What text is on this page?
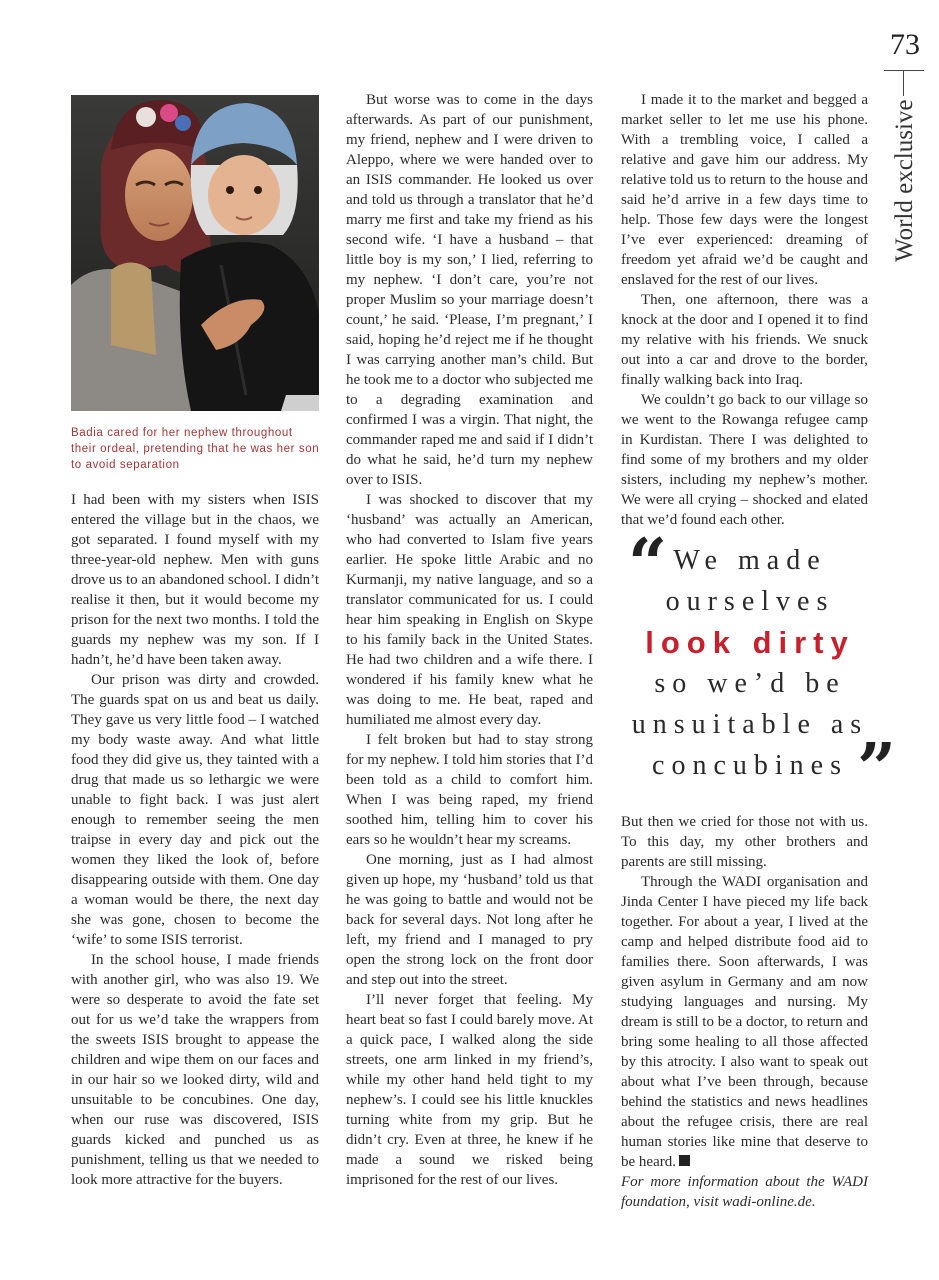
73
World exclusive
Badia cared for her nephew throughout their ordeal, pretending that he was her son to avoid separation

I had been with my sisters when ISIS entered the village but in the chaos, we got separated. I found myself with my three-year-old nephew. Men with guns drove us to an abandoned school. I didn’t realise it then, but it would become my prison for the next two months. I told the guards my nephew was my son. If I hadn’t, he’d have been taken away.

Our prison was dirty and crowded. The guards spat on us and beat us daily. They gave us very little food – I watched my body waste away. And what little food they did give us, they tainted with a drug that made us so lethargic we were unable to fight back. I was just alert enough to remember seeing the men traipse in every day and pick out the women they liked the look of, before disappearing outside with them. One day a woman would be there, the next day she was gone, chosen to become the ‘wife’ to some ISIS terrorist.

In the school house, I made friends with another girl, who was also 19. We were so desperate to avoid the fate set out for us we’d take the wrappers from the sweets ISIS brought to appease the children and wipe them on our faces and in our hair so we looked dirty, wild and unsuitable to be concubines. One day, when our ruse was discovered, ISIS guards kicked and punched us as punishment, telling us that we needed to look more attractive for the buyers.

But worse was to come in the days afterwards. As part of our punishment, my friend, nephew and I were driven to Aleppo, where we were handed over to an ISIS commander. He looked us over and told us through a translator that he’d marry me first and take my friend as his second wife. ‘I have a husband – that little boy is my son,’ I lied, referring to my nephew. ‘I don’t care, you’re not proper Muslim so your marriage doesn’t count,’ he said. ‘Please, I’m pregnant,’ I said, hoping he’d reject me if he thought I was carrying another man’s child. But he took me to a doctor who subjected me to a degrading examination and confirmed I was a virgin. That night, the commander raped me and said if I didn’t do what he said, he’d turn my nephew over to ISIS.

I was shocked to discover that my ‘husband’ was actually an American, who had converted to Islam five years earlier. He spoke little Arabic and no Kurmanji, my native language, and so a translator communicated for us. I could hear him speaking in English on Skype to his family back in the United States. He had two children and a wife there. I wondered if his family knew what he was doing to me. He beat, raped and humiliated me almost every day.

I felt broken but had to stay strong for my nephew. I told him stories that I’d been told as a child to comfort him. When I was being raped, my friend soothed him, telling him to cover his ears so he wouldn’t hear my screams.

One morning, just as I had almost given up hope, my ‘husband’ told us that he was going to battle and would not be back for several days. Not long after he left, my friend and I managed to pry open the strong lock on the front door and step out into the street.

I’ll never forget that feeling. My heart beat so fast I could barely move. At a quick pace, I walked along the side streets, one arm linked in my friend’s, while my other hand held tight to my nephew’s. I could see his little knuckles turning white from my grip. But he didn’t cry. Even at three, he knew if he made a sound we risked being imprisoned for the rest of our lives.

I made it to the market and begged a market seller to let me use his phone. With a trembling voice, I called a relative and gave him our address. My relative told us to return to the house and said he’d arrive in a few days time to help. Those few days were the longest I’ve ever experienced: dreaming of freedom yet afraid we’d be caught and enslaved for the rest of our lives.

Then, one afternoon, there was a knock at the door and I opened it to find my relative with his friends. We snuck out into a car and drove to the border, finally walking back into Iraq.

We couldn’t go back to our village so we went to the Rowanga refugee camp in Kurdistan. There I was delighted to find some of my brothers and my older sisters, including my nephew’s mother. We were all crying – shocked and elated that we’d found each other.

“ We made
ourselves
look dirty
so we’d be
unsuitable as
concubines ”

But then we cried for those not with us. To this day, my other brothers and parents are still missing.

Through the WADI organisation and Jinda Center I have pieced my life back together. For about a year, I lived at the camp and helped distribute food aid to families there. Soon afterwards, I was given asylum in Germany and am now studying languages and nursing. My dream is still to be a doctor, to return and bring some healing to all those affected by this atrocity. I also want to speak out about what I’ve been through, because behind the statistics and news headlines about the refugee crisis, there are real human stories like mine that deserve to be heard.

For more information about the WADI foundation, visit wadi-online.de.
